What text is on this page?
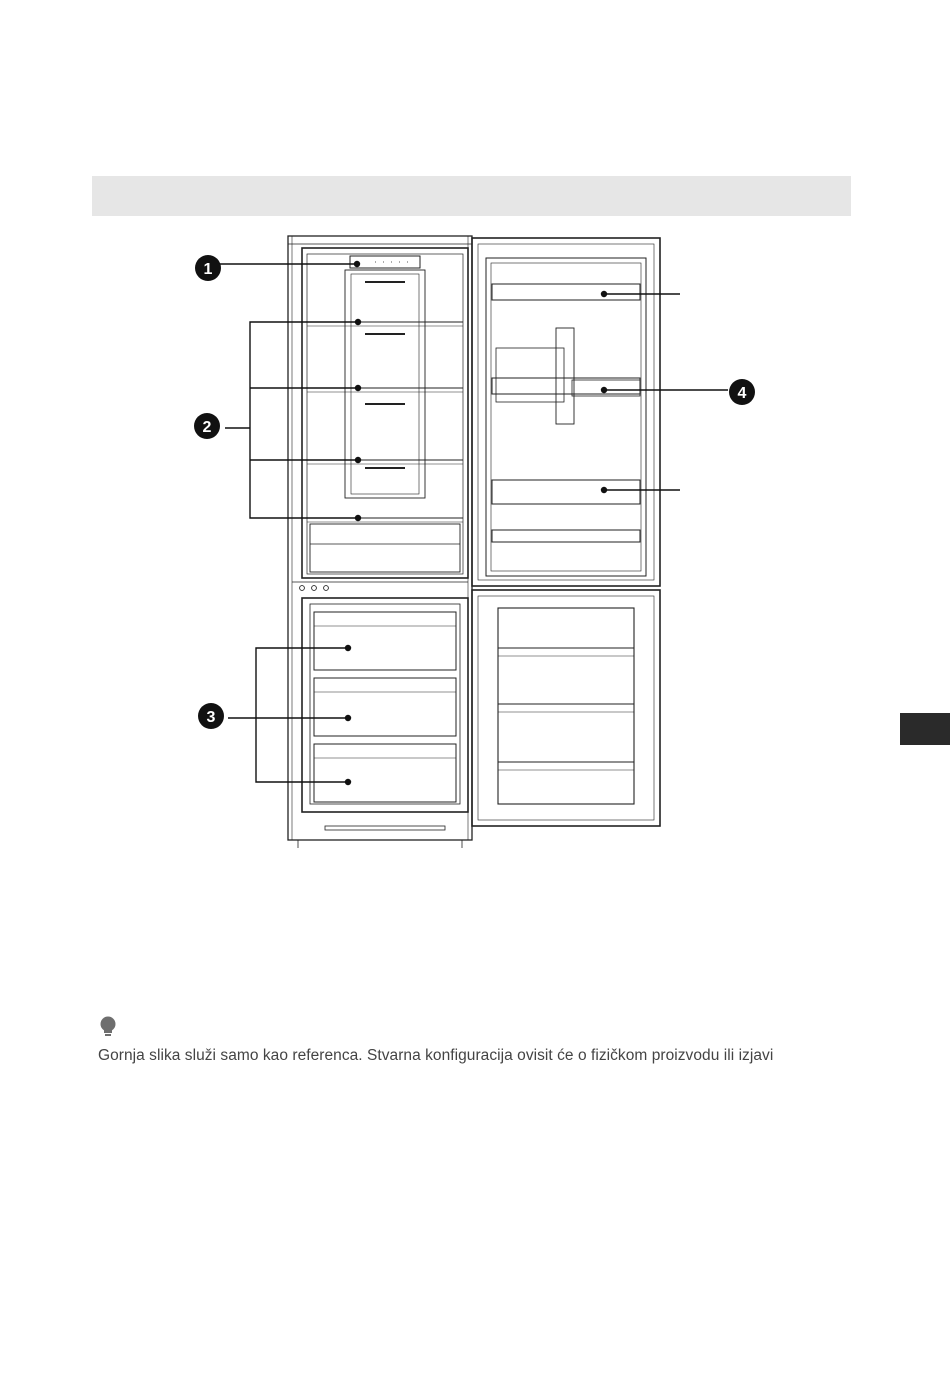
1
2
3
4
Gornja slika služi samo kao referenca. Stvarna konfiguracija ovisit će o fizičkom proizvodu ili izjavi
